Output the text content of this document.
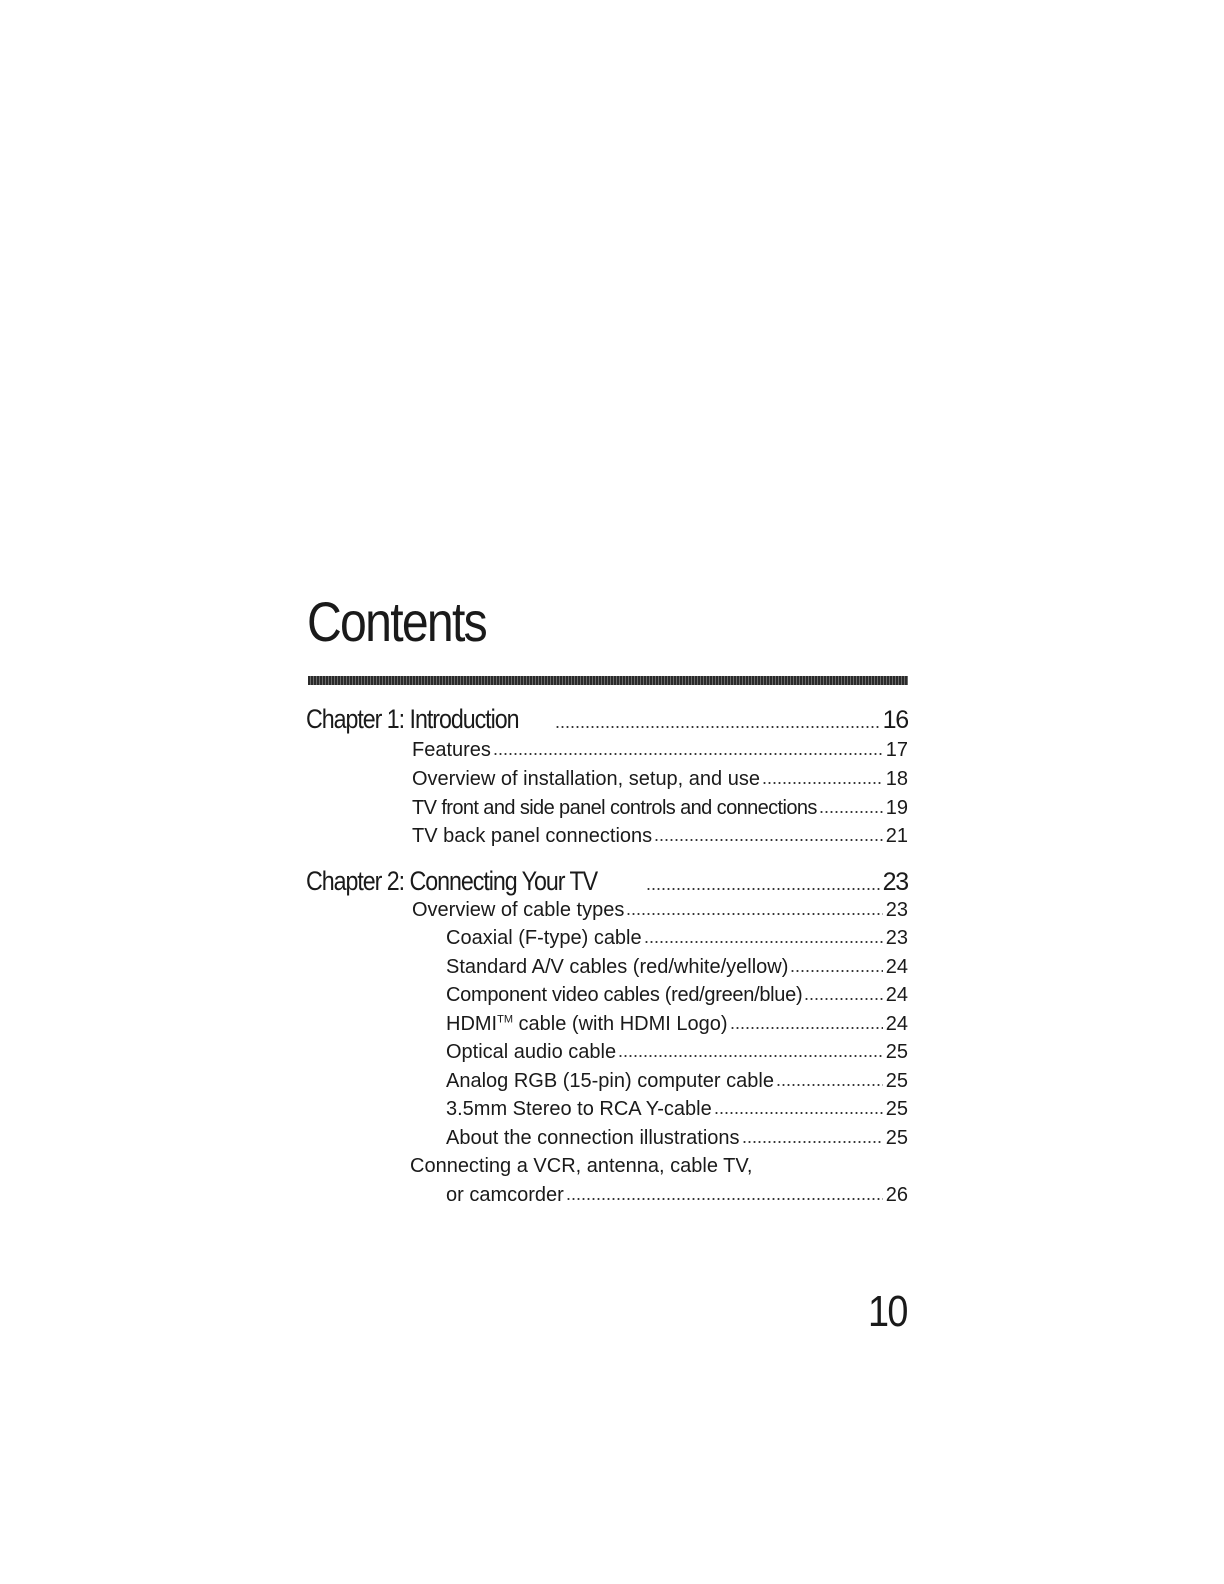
Contents
Chapter 1: Introduction	16
Features	17
Overview of installation, setup, and use	18
TV front and side panel controls and connections	19
TV back panel connections	21
Chapter 2: Connecting Your TV	23
Overview of cable types	23
Coaxial (F-type) cable	23
Standard A/V cables (red/white/yellow)	24
Component video cables (red/green/blue)	24
HDMI™ cable (with HDMI Logo)	24
Optical audio cable	25
Analog RGB (15-pin) computer cable	25
3.5mm Stereo to RCA Y-cable	25
About the connection illustrations	25
Connecting a VCR, antenna, cable TV,
or camcorder	26
10
